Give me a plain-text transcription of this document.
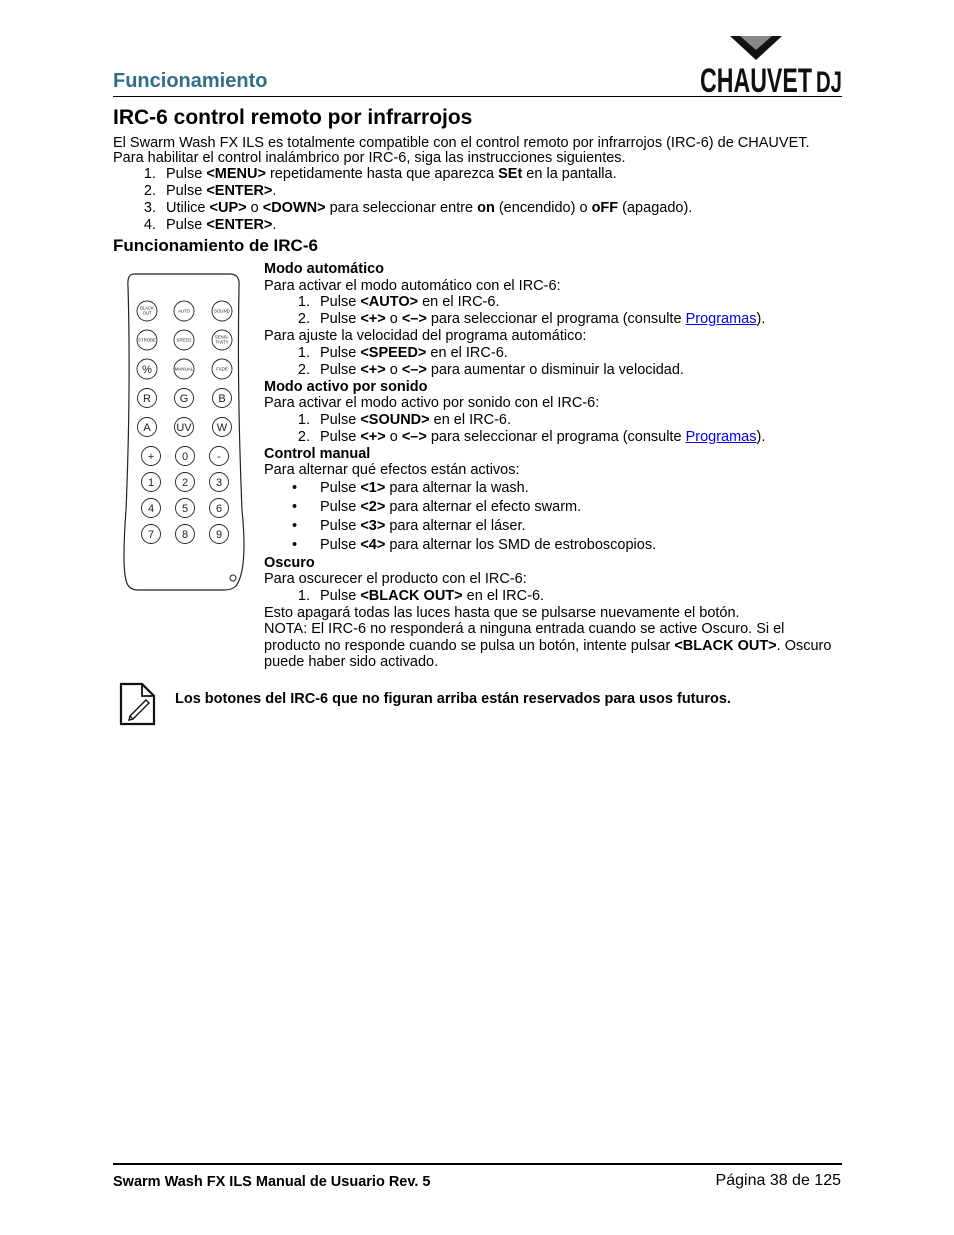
Funcionamiento	CHAUVET DJ
IRC-6 control remoto por infrarrojos
El Swarm Wash FX ILS es totalmente compatible con el control remoto por infrarrojos (IRC-6) de CHAUVET. Para habilitar el control inalámbrico por IRC-6, siga las instrucciones siguientes.
1. Pulse <MENU> repetidamente hasta que aparezca SEt en la pantalla.
2. Pulse <ENTER>.
3. Utilice <UP> o <DOWN> para seleccionar entre on (encendido) o oFF (apagado).
4. Pulse <ENTER>.
Funcionamiento de IRC-6
BLACK OUT	AUTO	SOUND
STROBE	SPEED
SENSI-TIVITY
%	MANUAL	FADE
R	G	B
A UV W
+	0	-
1	2	3
4	5	6
7	8	9

Modo automático

Para activar el modo automático con el IRC-6:

1. Pulse <AUTO> en el IRC-6.
2. Pulse <+> o <–> para seleccionar el programa (consulte Programas).

Para ajuste la velocidad del programa automático:

1. Pulse <SPEED> en el IRC-6.
2. Pulse <+> o <–> para aumentar o disminuir la velocidad.

Modo activo por sonido

Para activar el modo activo por sonido con el IRC-6:

1. Pulse <SOUND> en el IRC-6.
2. Pulse <+> o <–> para seleccionar el programa (consulte Programas).

Control manual

Para alternar qué efectos están activos:

•	Pulse <1> para alternar la wash.
•	Pulse <2> para alternar el efecto swarm.
•	Pulse <3> para alternar el láser.
•	Pulse <4> para alternar los SMD de estroboscopios.

Oscuro

Para oscurecer el producto con el IRC-6:

1. Pulse <BLACK OUT> en el IRC-6.

Esto apagará todas las luces hasta que se pulsarse nuevamente el botón.

NOTA: El IRC-6 no responderá a ninguna entrada cuando se active Oscuro. Si el producto no responde cuando se pulsa un botón, intente pulsar <BLACK OUT>. Oscuro puede haber sido activado.

Los botones del IRC-6 que no figuran arriba están reservados para usos futuros.
Swarm Wash FX ILS Manual de Usuario Rev. 5	Página 38 de 125
